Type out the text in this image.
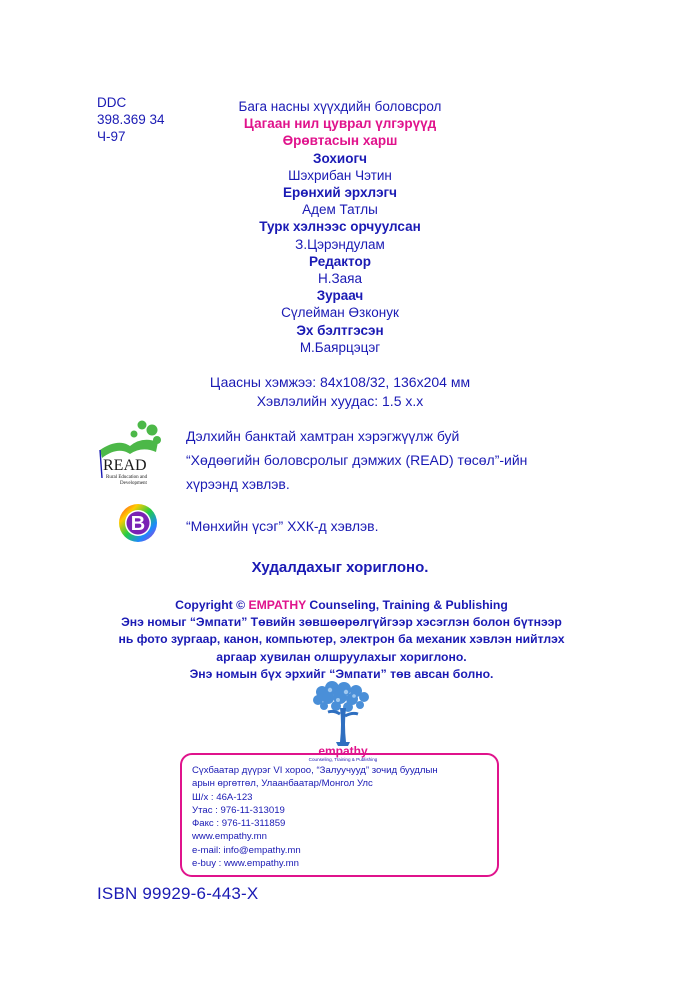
DDC
398.369 34
Ч-97
Бага насны хүүхдийн боловсрол
Цагаан нил цуврал үлгэрүүд
Өрөвтасын харш
Зохиогч
Шэхрибан Чэтин
Ерөнхий эрхлэгч
Адем Татлы
Турк хэлнээс орчуулсан
З.Цэрэндулам
Редактор
Н.Заяа
Зураач
Сүлейман Өзконук
Эх бэлтгэсэн
М.Баярцэцэг
Цаасны хэмжээ: 84х108/32, 136х204 мм
Хэвлэлийн хуудас: 1.5 х.х
READ
Rural Education and
Development
Дэлхийн банктай хамтран хэрэгжүүлж буй
“Хөдөөгийн боловсролыг дэмжих (READ) төсөл”-ийн
хүрээнд хэвлэв.
B	“Мөнхийн үсэг” ХХК-д хэвлэв.
Худалдахыг хориглоно.
Copyright © EMPATHY Counseling, Training & Publishing
Энэ номыг “Эмпати” Төвийн зөвшөөрөлгүйгээр хэсэглэн болон бүтнээр
нь фото зургаар, канон, компьютер, электрон ба механик хэвлэн нийтлэх
аргаар хувилан олшруулахыг хориглоно.
Энэ номын бүх эрхийг “Эмпати” төв авсан болно.
empathy
Counseling, Training & Publishing
Сүхбаатар дүүрэг VI хороо, “Залуучууд” зочид буудлын
арын өргөтгөл, Улаанбаатар/Монгол Улс
Ш/х : 46А-123
Утас : 976-11-313019
Факс : 976-11-311859
www.empathy.mn
e-mail: info@empathy.mn
e-buy : www.empathy.mn
ISBN 99929-6-443-X
